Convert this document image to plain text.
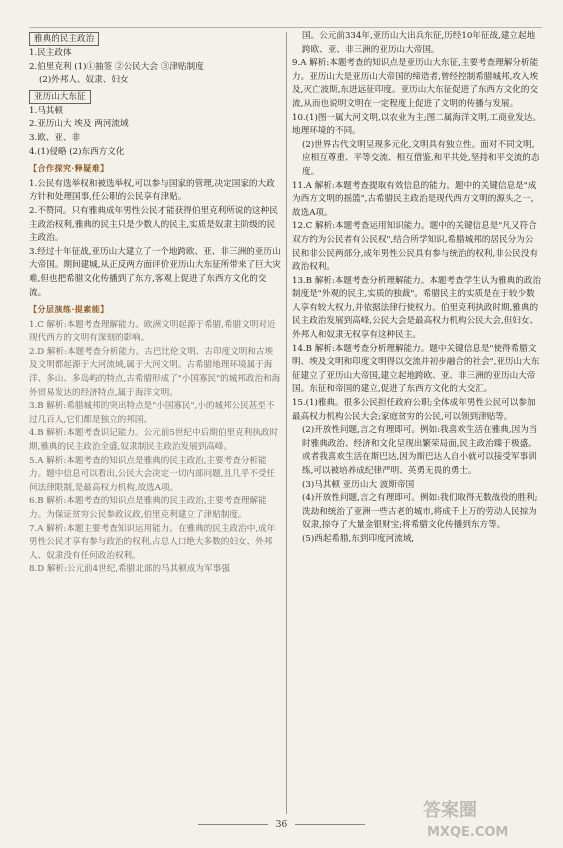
雅典的民主政治

1.民主政体

2.伯里克利 (1)①抽签 ②公民大会 ③津贴制度

(2)外邦人、奴隶、妇女

亚历山大东征

1.马其顿

2.亚历山大 埃及 两河流域

3.欧、亚、非

4.(1)侵略 (2)东西方文化

【合作探究·释疑难】

1.公民有选举权和被选举权,可以参与国家的管理,决定国家的大政方针和处理国事,任公职的公民享有津贴。

2.不赞同。只有雅典成年男性公民才能获得伯里克利所说的这种民主政治权利,雅典的民主只是少数人的民主,实质是奴隶主阶级的民主政治。

3.经过十年征战,亚历山大建立了一个地跨欧、亚、非三洲的亚历山大帝国。期间建城,从正反两方面评价亚历山大东征所带来了巨大灾难,但也把希腊文化传播到了东方,客观上促进了东西方文化的交流。

【分层演练·提素能】

1.C 解析:本题考查理解能力。欧洲文明起源于希腊,希腊文明对近现代西方的文明有深刻的影响。

2.D 解析:本题考查分析能力。古巴比伦文明、古印度文明和古埃及文明都起源于大河流域,属于大河文明。古希腊地理环境属于海洋、多山、多岛屿的特点,古希腊形成了"小国寡民"的城邦政治和海外贸易发达的经济特点,属于海洋文明。

3.B 解析:希腊城邦的突出特点是"小国寡民",小的城邦公民甚至不过几百人,它们都是独立的邦国。

4.B 解析:本题考查识记能力。公元前5世纪中后期伯里克利执政时期,雅典的民主政治全盛,奴隶制民主政治发展到高峰。

5.A 解析:本题考查的知识点是雅典的民主政治,主要考查分析能力。题中信息可以看出,公民大会决定一切内部问题,且几乎不受任何法律限制,是最高权力机构,故选A项。

6.B 解析:本题考查的知识点是雅典的民主政治,主要考查理解能力。为保证贫穷公民参政议政,伯里克利建立了津贴制度。

7.A 解析:本题主要考查知识运用能力。在雅典的民主政治中,成年男性公民才享有参与政治的权利,占总人口绝大多数的妇女、外邦人、奴隶没有任何政治权利。

8.D 解析:公元前4世纪,希腊北部的马其顿成为军事强

国。公元前334年,亚历山大出兵东征,历经10年征战,建立起地跨欧、亚、非三洲的亚历山大帝国。

9.A 解析:本题考查的知识点是亚历山大东征,主要考查理解分析能力。亚历山大是亚历山大帝国的缔造者,曾经控制希腊城邦,攻入埃及,灭亡波斯,东进远征印度。亚历山大东征促进了东西方文化的交流,从而也说明文明在一定程度上促进了文明的传播与发展。

10.(1)图一属大河文明,以农业为主;图二属海洋文明,工商业发达。地理环境的不同。

(2)世界古代文明呈现多元化,文明具有独立性。面对不同文明,应相互尊重、平等交流、相互借鉴,和平共处,坚持和平交流的态度。

11.A 解析:本题考查提取有效信息的能力。题中的关键信息是"成为西方文明的摇篮",古希腊民主政治是现代西方文明的源头之一,故选A项。

12.C 解析:本题考查运用知识能力。题中的关键信息是"凡又符合双方约为公民者有公民权",结合所学知识,希腊城邦的居民分为公民和非公民两部分,成年男性公民具有参与统治的权利,非公民没有政治权利。

13.B 解析:本题考查分析理解能力。本题考查学生认为雅典的政治制度是"外观的民主,实质的独裁"。希腊民主的实质是在于较少数人享有较大权力,并依据法律行使权力。伯里克利执政时期,雅典的民主政治发展到高峰,公民大会是最高权力机构公民大会,但妇女、外邦人和奴隶无权享有这种民主。

14.B 解析:本题考查分析理解能力。题中关键信息是"使得希腊文明、埃及文明和印度文明得以交流并初步融合的社会",亚历山大东征建立了亚历山大帝国,建立起地跨欧、亚、非三洲的亚历山大帝国。东征和帝国的建立,促进了东西方文化的大交汇。

15.(1)雅典。很多公民担任政府公职;全体成年男性公民可以参加最高权力机构公民大会;家庭贫穷的公民,可以领到津贴等。

(2)开放性问题,言之有理即可。例如:我喜欢生活在雅典,因为当时雅典政治、经济和文化呈现出繁荣局面,民主政治臻于极盛。或者我喜欢生活在斯巴达,因为斯巴达人自小就可以接受军事训练,可以被培养成纪律严明、英勇无畏的勇士。

(3)马其顿 亚历山大 波斯帝国

(4)开放性问题,言之有理即可。例如:我们取得无数战役的胜利;洗劫和统治了亚洲一些古老的城市,将成千上万的劳动人民掠为奴隶,掠夺了大量金银财宝;将希腊文化传播到东方等。

(5)西起希腊,东到印度河流域,

36
答案圈
MXQE.COM
